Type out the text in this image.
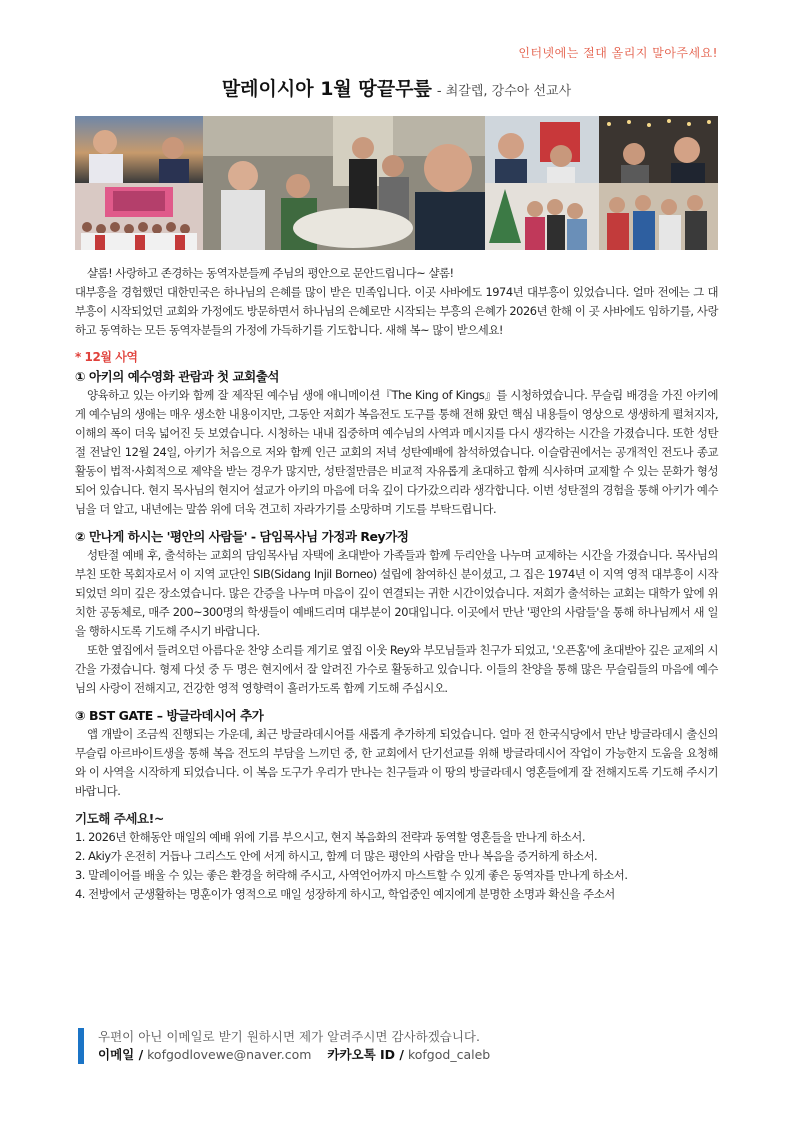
인터넷에는 절대 올리지 말아주세요!
말레이시아 1월 땅끝무릎 - 최갈렙, 강수아 선교사

샬롬! 사랑하고 존경하는 동역자분들께 주님의 평안으로 문안드립니다~ 샬롬!

대부흥을 경험했던 대한민국은 하나님의 은혜를 많이 받은 민족입니다. 이곳 사바에도 1974년 대부흥이 있었습니다. 얼마 전에는 그 대부흥이 시작되었던 교회와 가정에도 방문하면서 하나님의 은혜로만 시작되는 부흥의 은혜가 2026년 한해 이 곳 사바에도 임하기를, 사랑하고 동역하는 모든 동역자분들의 가정에 가득하기를 기도합니다. 새해 복~ 많이 받으세요!

* 12월 사역

① 아키의 예수영화 관람과 첫 교회출석

양육하고 있는 아키와 함께 잘 제작된 예수님 생애 애니메이션『The King of Kings』를 시청하였습니다. 무슬림 배경을 가진 아키에게 예수님의 생애는 매우 생소한 내용이지만, 그동안 저희가 복음전도 도구를 통해 전해 왔던 핵심 내용들이 영상으로 생생하게 펼쳐지자, 이해의 폭이 더욱 넓어진 듯 보였습니다. 시청하는 내내 집중하며 예수님의 사역과 메시지를 다시 생각하는 시간을 가졌습니다. 또한 성탄절 전날인 12월 24일, 아키가 처음으로 저와 함께 인근 교회의 저녁 성탄예배에 참석하였습니다. 이슬람권에서는 공개적인 전도나 종교 활동이 법적·사회적으로 제약을 받는 경우가 많지만, 성탄절만큼은 비교적 자유롭게 초대하고 함께 식사하며 교제할 수 있는 문화가 형성되어 있습니다. 현지 목사님의 현지어 설교가 아키의 마음에 더욱 깊이 다가갔으리라 생각합니다. 이번 성탄절의 경험을 통해 아키가 예수님을 더 알고, 내년에는 말씀 위에 더욱 견고히 자라가기를 소망하며 기도를 부탁드립니다.

② 만나게 하시는 '평안의 사람들' - 담임목사님 가정과 Rey가정

성탄절 예배 후, 출석하는 교회의 담임목사님 자택에 초대받아 가족들과 함께 두리안을 나누며 교제하는 시간을 가졌습니다. 목사님의 부친 또한 목회자로서 이 지역 교단인 SIB(Sidang Injil Borneo) 설립에 참여하신 분이셨고, 그 집은 1974년 이 지역 영적 대부흥이 시작되었던 의미 깊은 장소였습니다. 많은 간증을 나누며 마음이 깊이 연결되는 귀한 시간이었습니다. 저희가 출석하는 교회는 대학가 앞에 위치한 공동체로, 매주 200~300명의 학생들이 예배드리며 대부분이 20대입니다. 이곳에서 만난 '평안의 사람들'을 통해 하나님께서 새 일을 행하시도록 기도해 주시기 바랍니다.

또한 옆집에서 들려오던 아름다운 찬양 소리를 계기로 옆집 이웃 Rey와 부모님들과 친구가 되었고, '오픈홈'에 초대받아 깊은 교제의 시간을 가졌습니다. 형제 다섯 중 두 명은 현지에서 잘 알려진 가수로 활동하고 있습니다. 이들의 찬양을 통해 많은 무슬림들의 마음에 예수님의 사랑이 전해지고, 건강한 영적 영향력이 흘러가도록 함께 기도해 주십시오.

③ BST GATE – 방글라데시어 추가

앱 개발이 조금씩 진행되는 가운데, 최근 방글라데시어를 새롭게 추가하게 되었습니다. 얼마 전 한국식당에서 만난 방글라데시 출신의 무슬림 아르바이트생을 통해 복음 전도의 부담을 느끼던 중, 한 교회에서 단기선교를 위해 방글라데시어 작업이 가능한지 도움을 요청해 와 이 사역을 시작하게 되었습니다. 이 복음 도구가 우리가 만나는 친구들과 이 땅의 방글라데시 영혼들에게 잘 전해지도록 기도해 주시기 바랍니다.

기도해 주세요!~

1. 2026년 한해동안 매일의 예배 위에 기름 부으시고, 현지 복음화의 전략과 동역할 영혼들을 만나게 하소서.

2. Akiy가 온전히 거듭나 그리스도 안에 서게 하시고, 함께 더 많은 평안의 사람을 만나 복음을 증거하게 하소서.

3. 말레이어를 배울 수 있는 좋은 환경을 허락해 주시고, 사역언어까지 마스트할 수 있게 좋은 동역자를 만나게 하소서.

4. 전방에서 군생활하는 명훈이가 영적으로 매일 성장하게 하시고, 학업중인 예지에게 분명한 소명과 확신을 주소서

우편이 아닌 이메일로 받기 원하시면 제가 알려주시면 감사하겠습니다.
이메일 / kofgodlovewe@naver.com 카카오톡 ID / kofgod_caleb
